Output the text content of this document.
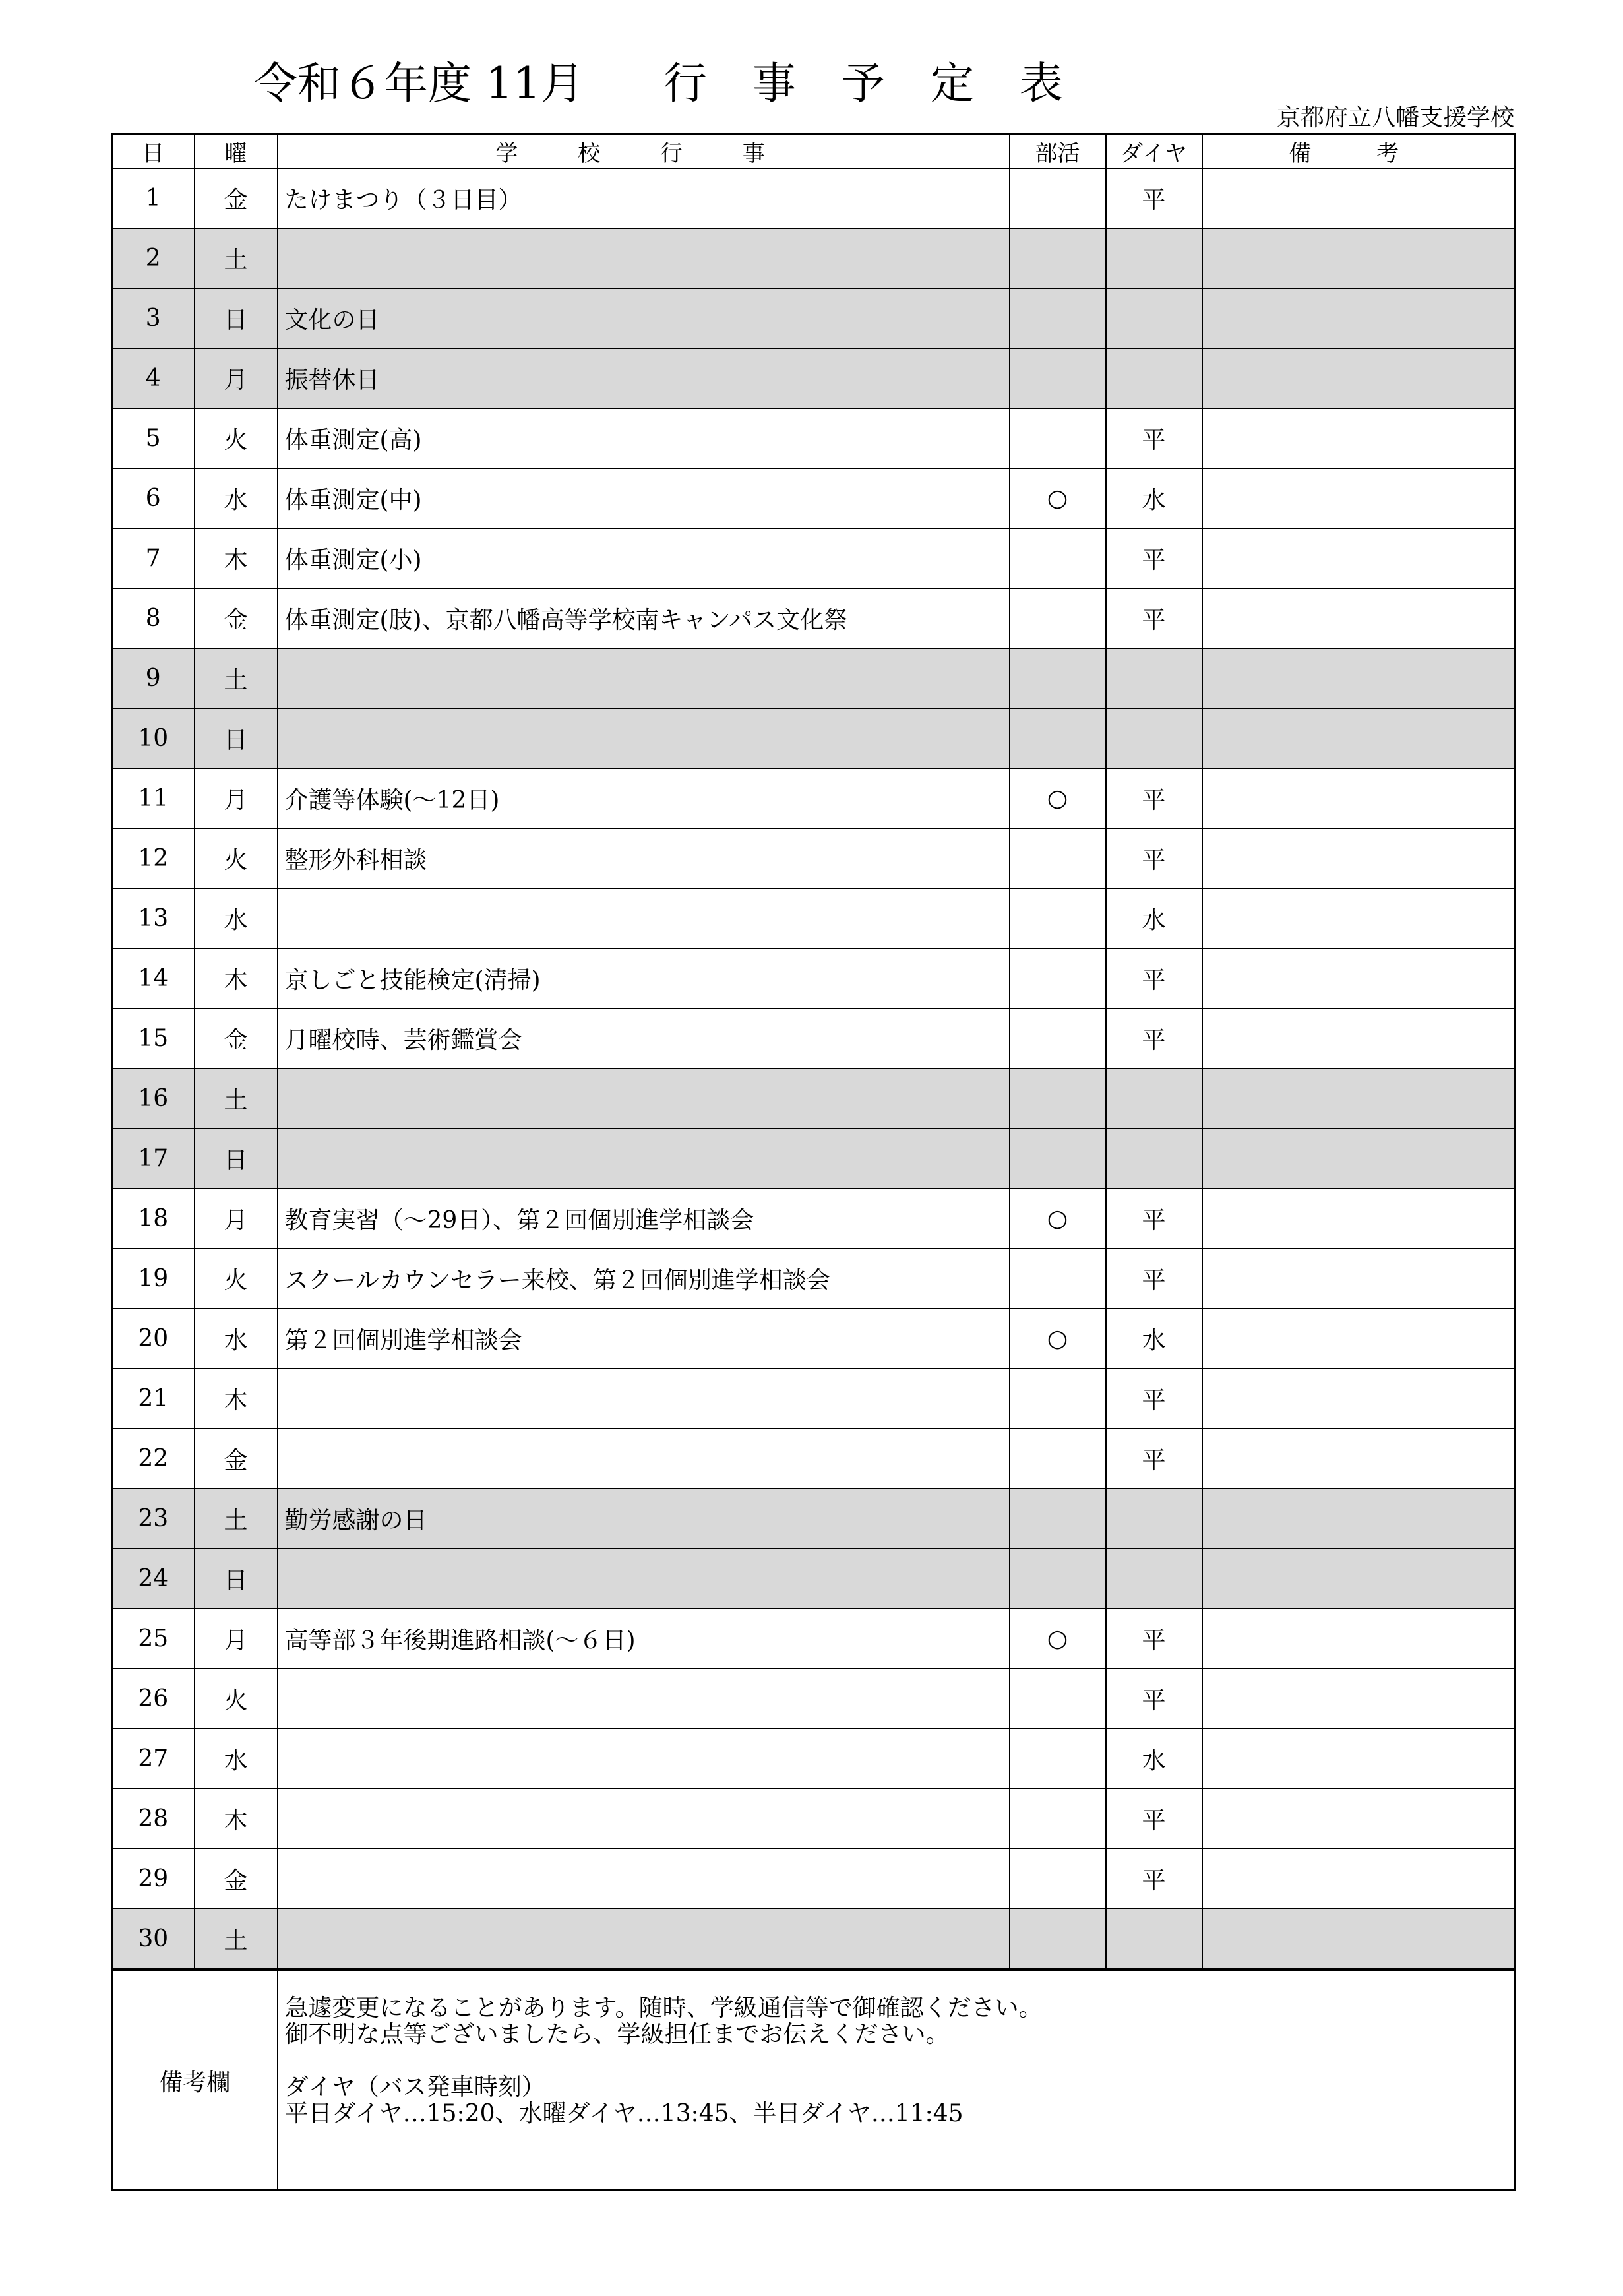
令和６年度 11月 行 事 予 定 表
京都府立八幡支援学校
日	曜	学 校 行 事	部活	ダイヤ	備 考
1	金	たけまつり（３日目）		平	
2	土				
3	日	文化の日			
4	月	振替休日			
5	火	体重測定(高)		平	
6	水	体重測定(中)	○	水	
7	木	体重測定(小)		平	
8	金	体重測定(肢)、京都八幡高等学校南キャンパス文化祭		平	
9	土				
10	日				
11	月	介護等体験(～12日)	○	平	
12	火	整形外科相談		平	
13	水			水	
14	木	京しごと技能検定(清掃)		平	
15	金	月曜校時、芸術鑑賞会		平	
16	土				
17	日				
18	月	教育実習（～29日）、第２回個別進学相談会	○	平	
19	火	スクールカウンセラー来校、第２回個別進学相談会		平	
20	水	第２回個別進学相談会	○	水	
21	木			平	
22	金			平	
23	土	勤労感謝の日			
24	日				
25	月	高等部３年後期進路相談(～６日)	○	平	
26	火			平	
27	水			水	
28	木			平	
29	金			平	
30	土				
備考欄		急遽変更になることがあります。随時、学級通信等で御確認ください。
御不明な点等ございましたら、学級担任までお伝えください。
ダイヤ（バス発車時刻）
平日ダイヤ…15:20、水曜ダイヤ…13:45、半日ダイヤ…11:45			
